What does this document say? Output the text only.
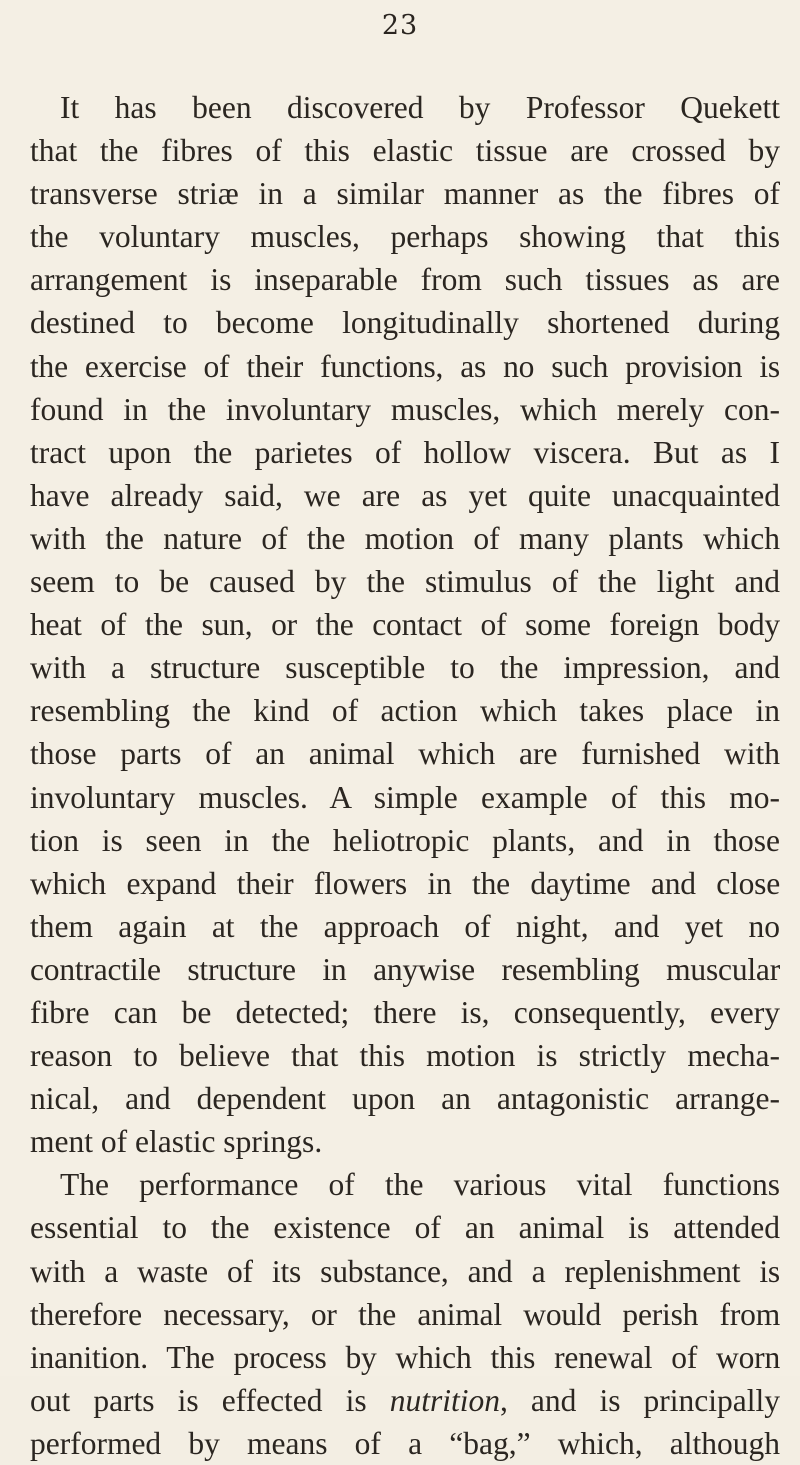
23
It has been discovered by Professor Quekett
that the fibres of this elastic tissue are crossed by
transverse striæ in a similar manner as the fibres of
the voluntary muscles, perhaps showing that this
arrangement is inseparable from such tissues as are
destined to become longitudinally shortened during
the exercise of their functions, as no such provision is
found in the involuntary muscles, which merely con-
tract upon the parietes of hollow viscera. But as I
have already said, we are as yet quite unacquainted
with the nature of the motion of many plants which
seem to be caused by the stimulus of the light and
heat of the sun, or the contact of some foreign body
with a structure susceptible to the impression, and
resembling the kind of action which takes place in
those parts of an animal which are furnished with
involuntary muscles. A simple example of this mo-
tion is seen in the heliotropic plants, and in those
which expand their flowers in the daytime and close
them again at the approach of night, and yet no
contractile structure in anywise resembling muscular
fibre can be detected; there is, consequently, every
reason to believe that this motion is strictly mecha-
nical, and dependent upon an antagonistic arrange-
ment of elastic springs.
The performance of the various vital functions
essential to the existence of an animal is attended
with a waste of its substance, and a replenishment is
therefore necessary, or the animal would perish from
inanition. The process by which this renewal of worn
out parts is effected is nutrition, and is principally
performed by means of a “bag,” which, although
